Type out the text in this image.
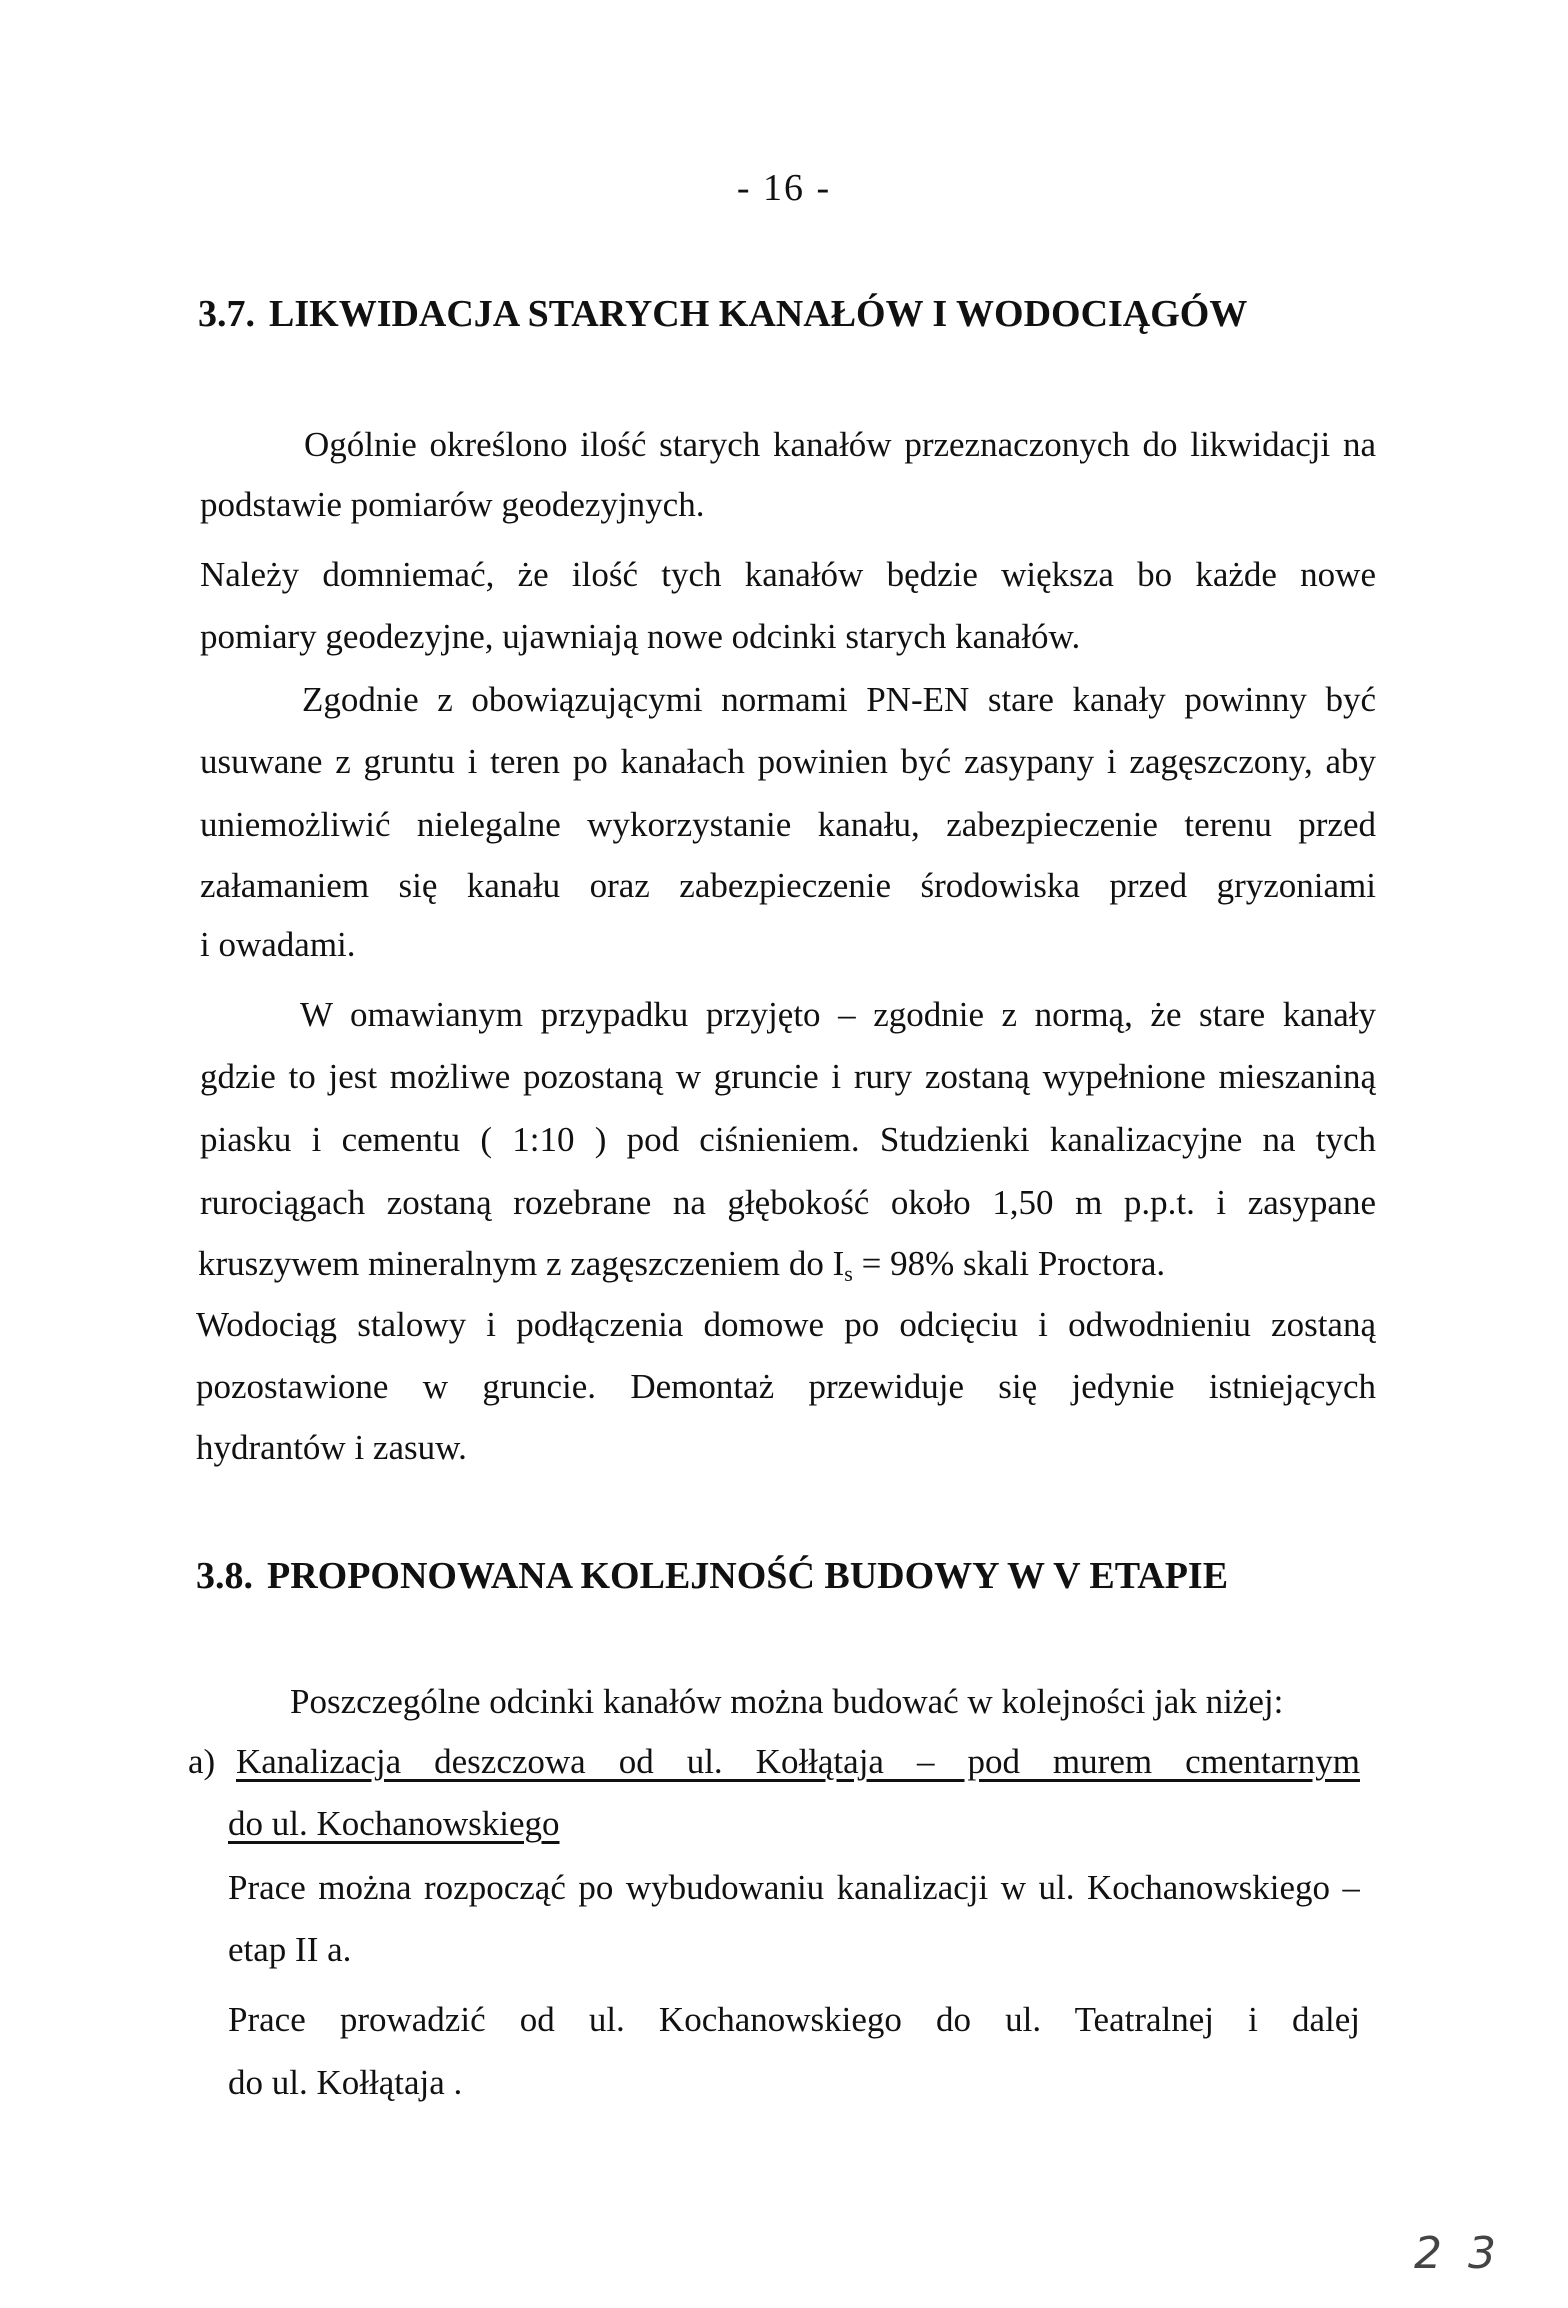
- 16 -
3.7. LIKWIDACJA STARYCH KANAŁÓW I WODOCIĄGÓW
Ogólnie określono ilość starych kanałów przeznaczonych do likwidacji na
podstawie pomiarów geodezyjnych.
Należy domniemać, że ilość tych kanałów będzie większa bo każde nowe
pomiary geodezyjne, ujawniają nowe odcinki starych kanałów.
Zgodnie z obowiązującymi normami PN-EN stare kanały powinny być
usuwane z gruntu i teren po kanałach powinien być zasypany i zagęszczony, aby
uniemożliwić nielegalne wykorzystanie kanału, zabezpieczenie terenu przed
załamaniem się kanału oraz zabezpieczenie środowiska przed gryzoniami
i owadami.
W omawianym przypadku przyjęto – zgodnie z normą, że stare kanały
gdzie to jest możliwe pozostaną w gruncie i rury zostaną wypełnione mieszaniną
piasku i cementu ( 1:10 ) pod ciśnieniem. Studzienki kanalizacyjne na tych
rurociągach zostaną rozebrane na głębokość około 1,50 m p.p.t. i zasypane
kruszywem mineralnym z zagęszczeniem do $I_s = 98\%$ skali Proctora.
Wodociąg stalowy i podłączenia domowe po odcięciu i odwodnieniu zostaną
pozostawione w gruncie. Demontaż przewiduje się jedynie istniejących
hydrantów i zasuw.
3.8. PROPONOWANA KOLEJNOŚĆ BUDOWY W V ETAPIE
Poszczególne odcinki kanałów można budować w kolejności jak niżej:
a) Kanalizacja deszczowa od ul. Kołłątaja – pod murem cmentarnym
do ul. Kochanowskiego
Prace można rozpocząć po wybudowaniu kanalizacji w ul. Kochanowskiego –
etap II a.
Prace prowadzić od ul. Kochanowskiego do ul. Teatralnej i dalej
do ul. Kołłątaja .
2 3
